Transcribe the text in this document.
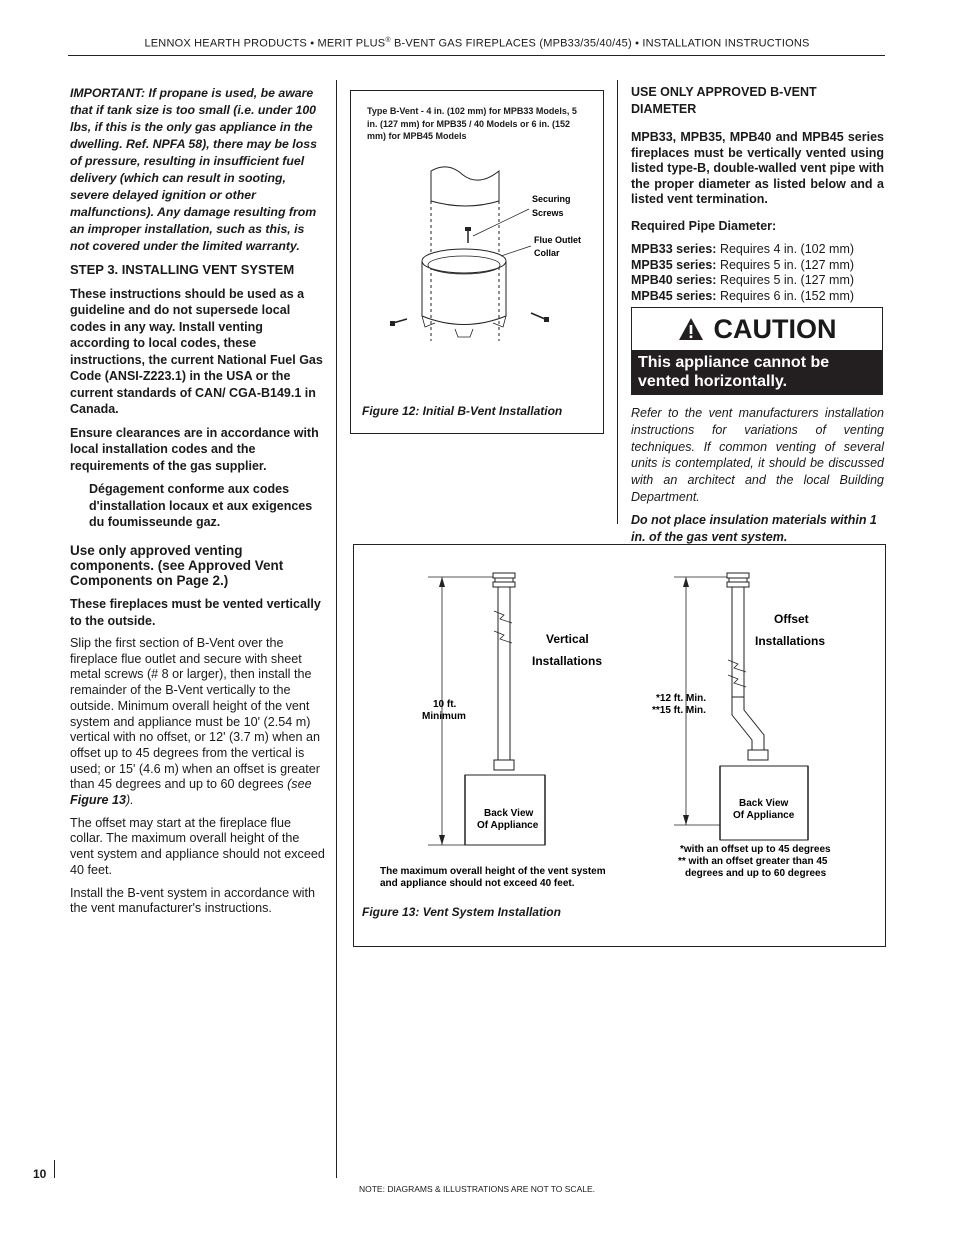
LENNOX HEARTH PRODUCTS • MERIT PLUS® B-VENT GAS FIREPLACES (MPB33/35/40/45) • INSTALLATION INSTRUCTIONS

IMPORTANT: If propane is used, be aware that if tank size is too small (i.e. under 100 lbs, if this is the only gas appliance in the dwelling. Ref. NPFA 58), there may be loss of pressure, resulting in insufficient fuel delivery (which can result in sooting, severe delayed ignition or other malfunctions). Any damage resulting from an improper installation, such as this, is not covered under the limited warranty.

STEP 3. INSTALLING VENT SYSTEM

These instructions should be used as a guideline and do not supersede local codes in any way. Install venting according to local codes, these instructions, the current National Fuel Gas Code (ANSI-Z223.1) in the USA or the current standards of CAN/ CGA-B149.1 in Canada.

Ensure clearances are in accordance with local installation codes and the requirements of the gas supplier.

Dégagement conforme aux codes d'installation locaux et aux exigences du foumisseunde gaz.

Use only approved venting components. (see Approved Vent Components on Page 2.)

These fireplaces must be vented vertically to the outside.

Slip the first section of B-Vent over the fireplace flue outlet and secure with sheet metal screws (# 8 or larger), then install the remainder of the B-Vent vertically to the outside. Minimum overall height of the vent system and appliance must be 10' (2.54 m) vertical with no offset, or 12' (3.7 m) when an offset up to 45 degrees from the vertical is used; or 15' (4.6 m) when an offset is greater than 45 degrees and up to 60 degrees (see Figure 13).

The offset may start at the fireplace flue collar. The maximum overall height of the vent system and appliance should not exceed 40 feet.

Install the B-vent system in accordance with the vent manufacturer's instructions.

Type B-Vent - 4 in. (102 mm) for MPB33 Models, 5 in. (127 mm) for MPB35 / 40 Models or 6 in. (152 mm) for MPB45 Models
Securing
Screws
Flue Outlet
Collar
Figure 12: Initial B-Vent Installation

USE ONLY APPROVED B-VENT DIAMETER

MPB33, MPB35, MPB40 and MPB45 series fireplaces must be vertically vented using listed type-B, double-walled vent pipe with the proper diameter as listed below and a listed vent termination.

Required Pipe Diameter:

MPB33 series: Requires 4 in. (102 mm)
MPB35 series: Requires 5 in. (127 mm)
MPB40 series: Requires 5 in. (127 mm)
MPB45 series: Requires 6 in. (152 mm)
CAUTION
This appliance cannot be vented horizontally.

Refer to the vent manufacturers installation instructions for variations of venting techniques. If common venting of several units is contemplated, it should be discussed with an architect and the local Building Department.

Do not place insulation materials within 1 in. of the gas vent system.

Vertical
Installations
10 ft.
Minimum
Back View
Of Appliance
The maximum overall height of the vent system
and appliance should not exceed 40 feet.
Offset
Installations
*12 ft. Min.
**15 ft. Min.
Back View
Of Appliance
*with an offset up to 45 degrees
** with an offset greater than 45
degrees and up to 60 degrees
Figure 13: Vent System Installation
10
NOTE: DIAGRAMS & ILLUSTRATIONS ARE NOT TO SCALE.
